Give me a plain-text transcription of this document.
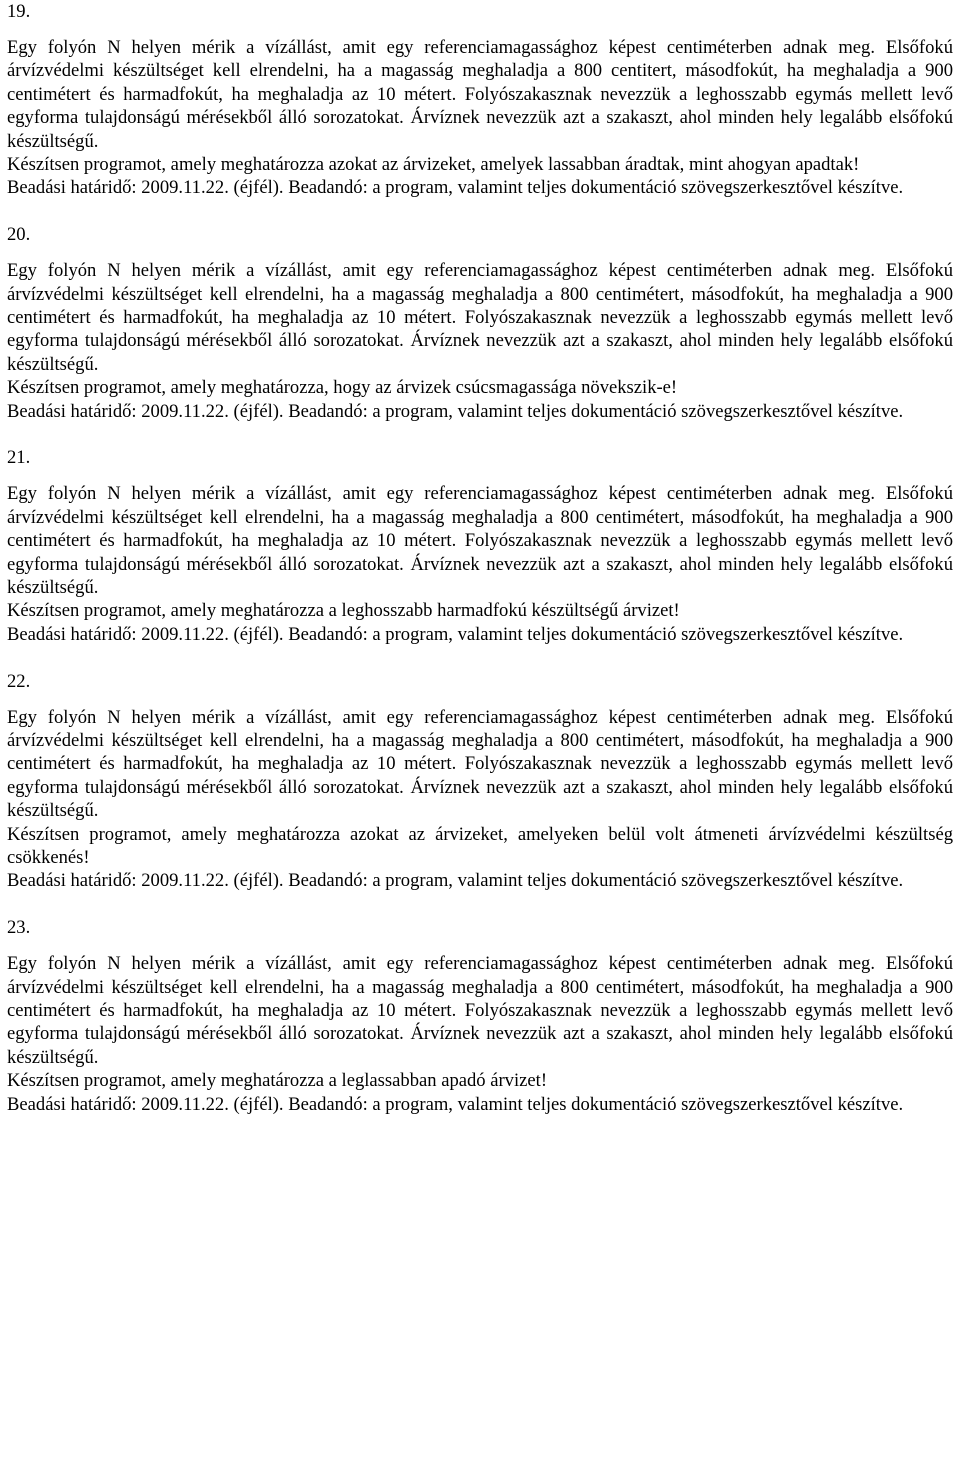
19.

Egy folyón N helyen mérik a vízállást, amit egy referenciamagassághoz képest centiméterben adnak meg. Elsőfokú árvízvédelmi készültséget kell elrendelni, ha a magasság meghaladja a 800 centitert, másodfokút, ha meghaladja a 900 centimétert és harmadfokút, ha meghaladja az 10 métert. Folyószakasznak nevezzük a leghosszabb egymás mellett levő egyforma tulajdonságú mérésekből álló sorozatokat. Árvíznek nevezzük azt a szakaszt, ahol minden hely legalább elsőfokú készültségű.

Készítsen programot, amely meghatározza azokat az árvizeket, amelyek lassabban áradtak, mint ahogyan apadtak!

Beadási határidő: 2009.11.22. (éjfél). Beadandó: a program, valamint teljes dokumentáció szövegszerkesztővel készítve.

20.

Egy folyón N helyen mérik a vízállást, amit egy referenciamagassághoz képest centiméterben adnak meg. Elsőfokú árvízvédelmi készültséget kell elrendelni, ha a magasság meghaladja a 800 centimétert, másodfokút, ha meghaladja a 900 centimétert és harmadfokút, ha meghaladja az 10 métert. Folyószakasznak nevezzük a leghosszabb egymás mellett levő egyforma tulajdonságú mérésekből álló sorozatokat. Árvíznek nevezzük azt a szakaszt, ahol minden hely legalább elsőfokú készültségű.

Készítsen programot, amely meghatározza, hogy az árvizek csúcsmagassága növekszik-e!

Beadási határidő: 2009.11.22. (éjfél). Beadandó: a program, valamint teljes dokumentáció szövegszerkesztővel készítve.

21.

Egy folyón N helyen mérik a vízállást, amit egy referenciamagassághoz képest centiméterben adnak meg. Elsőfokú árvízvédelmi készültséget kell elrendelni, ha a magasság meghaladja a 800 centimétert, másodfokút, ha meghaladja a 900 centimétert és harmadfokút, ha meghaladja az 10 métert. Folyószakasznak nevezzük a leghosszabb egymás mellett levő egyforma tulajdonságú mérésekből álló sorozatokat. Árvíznek nevezzük azt a szakaszt, ahol minden hely legalább elsőfokú készültségű.

Készítsen programot, amely meghatározza a leghosszabb harmadfokú készültségű árvizet!

Beadási határidő: 2009.11.22. (éjfél). Beadandó: a program, valamint teljes dokumentáció szövegszerkesztővel készítve.

22.

Egy folyón N helyen mérik a vízállást, amit egy referenciamagassághoz képest centiméterben adnak meg. Elsőfokú árvízvédelmi készültséget kell elrendelni, ha a magasság meghaladja a 800 centimétert, másodfokút, ha meghaladja a 900 centimétert és harmadfokút, ha meghaladja az 10 métert. Folyószakasznak nevezzük a leghosszabb egymás mellett levő egyforma tulajdonságú mérésekből álló sorozatokat. Árvíznek nevezzük azt a szakaszt, ahol minden hely legalább elsőfokú készültségű.

Készítsen programot, amely meghatározza azokat az árvizeket, amelyeken belül volt átmeneti árvízvédelmi készültség csökkenés!

Beadási határidő: 2009.11.22. (éjfél). Beadandó: a program, valamint teljes dokumentáció szövegszerkesztővel készítve.

23.

Egy folyón N helyen mérik a vízállást, amit egy referenciamagassághoz képest centiméterben adnak meg. Elsőfokú árvízvédelmi készültséget kell elrendelni, ha a magasság meghaladja a 800 centimétert, másodfokút, ha meghaladja a 900 centimétert és harmadfokút, ha meghaladja az 10 métert. Folyószakasznak nevezzük a leghosszabb egymás mellett levő egyforma tulajdonságú mérésekből álló sorozatokat. Árvíznek nevezzük azt a szakaszt, ahol minden hely legalább elsőfokú készültségű.

Készítsen programot, amely meghatározza a leglassabban apadó árvizet!

Beadási határidő: 2009.11.22. (éjfél). Beadandó: a program, valamint teljes dokumentáció szövegszerkesztővel készítve.
